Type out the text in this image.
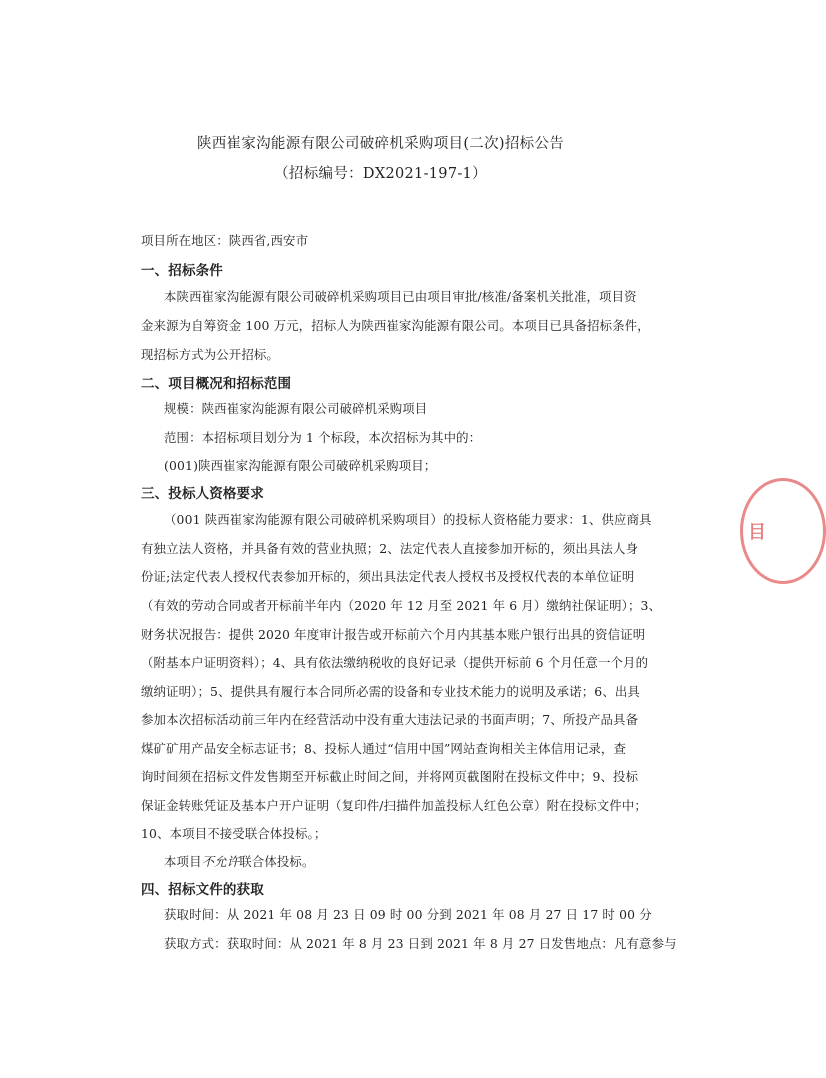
陕西崔家沟能源有限公司破碎机采购项目(二次)招标公告
（招标编号：DX2021-197-1）
项目所在地区：陕西省,西安市
一、招标条件
本陕西崔家沟能源有限公司破碎机采购项目已由项目审批/核准/备案机关批准，项目资
金来源为自筹资金 100 万元，招标人为陕西崔家沟能源有限公司。本项目已具备招标条件，
现招标方式为公开招标。
二、项目概况和招标范围
规模：陕西崔家沟能源有限公司破碎机采购项目
范围：本招标项目划分为 1 个标段，本次招标为其中的：
(001)陕西崔家沟能源有限公司破碎机采购项目；
三、投标人资格要求
（001 陕西崔家沟能源有限公司破碎机采购项目）的投标人资格能力要求：1、供应商具
有独立法人资格，并具备有效的营业执照；2、法定代表人直接参加开标的，须出具法人身
份证;法定代表人授权代表参加开标的，须出具法定代表人授权书及授权代表的本单位证明
（有效的劳动合同或者开标前半年内（2020 年 12 月至 2021 年 6 月）缴纳社保证明）；3、
财务状况报告：提供 2020 年度审计报告或开标前六个月内其基本账户银行出具的资信证明
（附基本户证明资料）；4、具有依法缴纳税收的良好记录（提供开标前 6 个月任意一个月的
缴纳证明）；5、提供具有履行本合同所必需的设备和专业技术能力的说明及承诺；6、出具
参加本次招标活动前三年内在经营活动中没有重大违法记录的书面声明；7、所投产品具备
煤矿矿用产品安全标志证书；8、投标人通过“信用中国”网站查询相关主体信用记录，查
询时间须在招标文件发售期至开标截止时间之间，并将网页截图附在投标文件中；9、投标
保证金转账凭证及基本户开户证明（复印件/扫描件加盖投标人红色公章）附在投标文件中；
10、本项目不接受联合体投标。；
本项目不允许联合体投标。
四、招标文件的获取
获取时间：从 2021 年 08 月 23 日 09 时 00 分到 2021 年 08 月 27 日 17 时 00 分
获取方式：获取时间：从 2021 年 8 月 23 日到 2021 年 8 月 27 日发售地点：凡有意参与
目
